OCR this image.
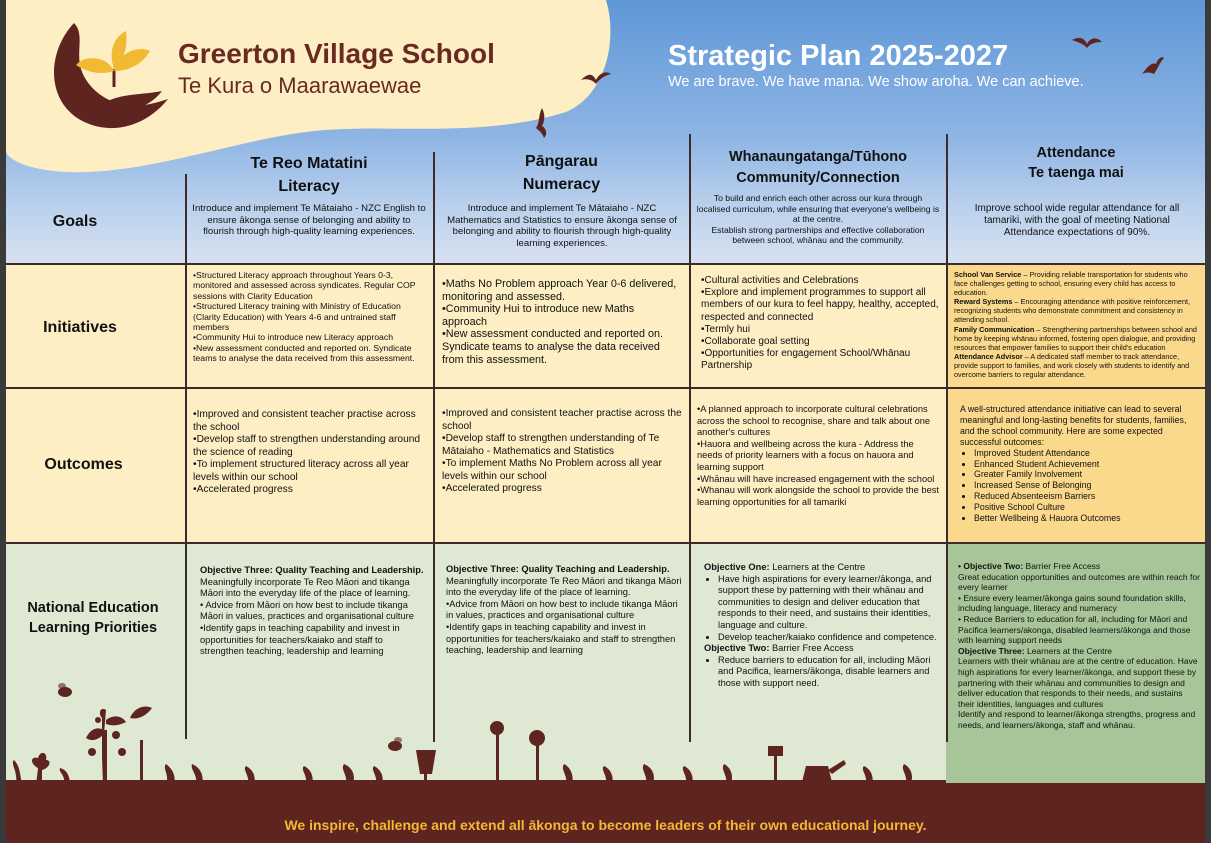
Greerton Village School
Te Kura o Maarawaewae
Strategic Plan 2025-2027
We are brave. We have mana. We show aroha. We can achieve.
Te Reo Matatini
Literacy
Pāngarau
Numeracy
Whanaungatanga/Tūhono
Community/Connection
Attendance
Te taenga mai
Goals
Initiatives
Outcomes
National Education
Learning Priorities
Introduce and implement Te Mātaiaho - NZC English to ensure ākonga sense of belonging and ability to flourish through high-quality learning experiences.
Introduce and implement Te Mātaiaho - NZC Mathematics and Statistics to ensure ākonga sense of belonging and ability to flourish through high-quality learning experiences.
To build and enrich each other across our kura through localised curriculum, while ensuring that everyone's wellbeing is at the centre.
Establish strong partnerships and effective collaboration between school, whānau and the community.
Improve school wide regular attendance for all tamariki, with the goal of meeting National Attendance expectations of 90%.
•Structured Literacy approach throughout Years 0-3, monitored and assessed across syndicates. Regular COP sessions with Clarity Education
•Structured Literacy training with Ministry of Education (Clarity Education) with Years 4-6 and untrained staff members
•Community Hui to introduce new Literacy approach
•New assessment conducted and reported on. Syndicate teams to analyse the data received from this assessment.
•Maths No Problem approach Year 0-6 delivered, monitoring and assessed.
•Community Hui to introduce new Maths approach
•New assessment conducted and reported on. Syndicate teams to analyse the data received from this assessment.
•Cultural activities and Celebrations
•Explore and implement programmes to support all members of our kura to feel happy, healthy, accepted, respected and connected
•Termly hui
•Collaborate goal setting
•Opportunities for engagement School/Whānau Partnership
School Van Service – Providing reliable transportation for students who face challenges getting to school, ensuring every child has access to education.
Reward Systems – Encouraging attendance with positive reinforcement, recognizing students who demonstrate commitment and consistency in attending school.
Family Communication – Strengthening partnerships between school and home by keeping whānau informed, fostering open dialogue, and providing resources that empower families to support their child's education
Attendance Advisor – A dedicated staff member to track attendance, provide support to families, and work closely with students to identify and overcome barriers to regular attendance.
•Improved and consistent teacher practise across the school
•Develop staff to strengthen understanding around the science of reading
•To implement structured literacy across all year levels within our school
•Accelerated progress
•Improved and consistent teacher practise across the school
•Develop staff to strengthen understanding of Te Mātaiaho - Mathematics and Statistics
•To implement Maths No Problem across all year levels within our school
•Accelerated progress
•A planned approach to incorporate cultural celebrations across the school to recognise, share and talk about one another's cultures
•Hauora and wellbeing across the kura - Address the needs of priority learners with a focus on hauora and learning support
•Whānau will have increased engagement with the school
•Whanau will work alongside the school to provide the best learning opportunities for all tamariki
A well-structured attendance initiative can lead to several meaningful and long-lasting benefits for students, families, and the school community. Here are some expected successful outcomes:
• Improved Student Attendance
• Enhanced Student Achievement
• Greater Family Involvement
• Increased Sense of Belonging
• Reduced Absenteeism Barriers
• Positive School Culture
• Better Wellbeing & Hauora Outcomes
Objective Three: Quality Teaching and Leadership.
Meaningfully incorporate Te Reo Māori and tikanga Māori into the everyday life of the place of learning.
• Advice from Māori on how best to include tikanga Māori in values, practices and organisational culture
•Identify gaps in teaching capability and invest in opportunities for teachers/kaiako and staff to strengthen teaching, leadership and learning
Objective Three: Quality Teaching and Leadership.
Meaningfully incorporate Te Reo Māori and tikanga Māori into the everyday life of the place of learning.
•Advice from Māori on how best to include tikanga Māori in values, practices and organisational culture
•Identify gaps in teaching capability and invest in opportunities for teachers/kaiako and staff to strengthen teaching, leadership and learning
Objective One: Learners at the Centre
• Have high aspirations for every learner/ākonga, and support these by patterning with their whānau and communities to design and deliver education that responds to their need, and sustains their identities, language and culture.
• Develop teacher/kaiako confidence and competence.
Objective Two: Barrier Free Access
• Reduce barriers to education for all, including Māori and Pacifica, learners/ākonga, disable learners and those with support need.
• Objective Two: Barrier Free Access
Great education opportunities and outcomes are within reach for every learner
• Ensure every learner/ākonga gains sound foundation skills, including language, literacy and numeracy
• Reduce Barriers to education for all, including for Māori and Pacifica learners/akonga, disabled learners/ākonga and those with learning support needs
Objective Three: Learners at the Centre
Learners with their whānau are at the centre of education. Have high aspirations for every learner/ākonga, and support these by partnering with their whānau and communities to design and deliver education that responds to their needs, and sustains their identities, languages and cultures
Identify and respond to learner/ākonga strengths, progress and needs, and learners/ākonga, staff and whānau.
We inspire, challenge and extend all ākonga to become leaders of their own educational journey.
